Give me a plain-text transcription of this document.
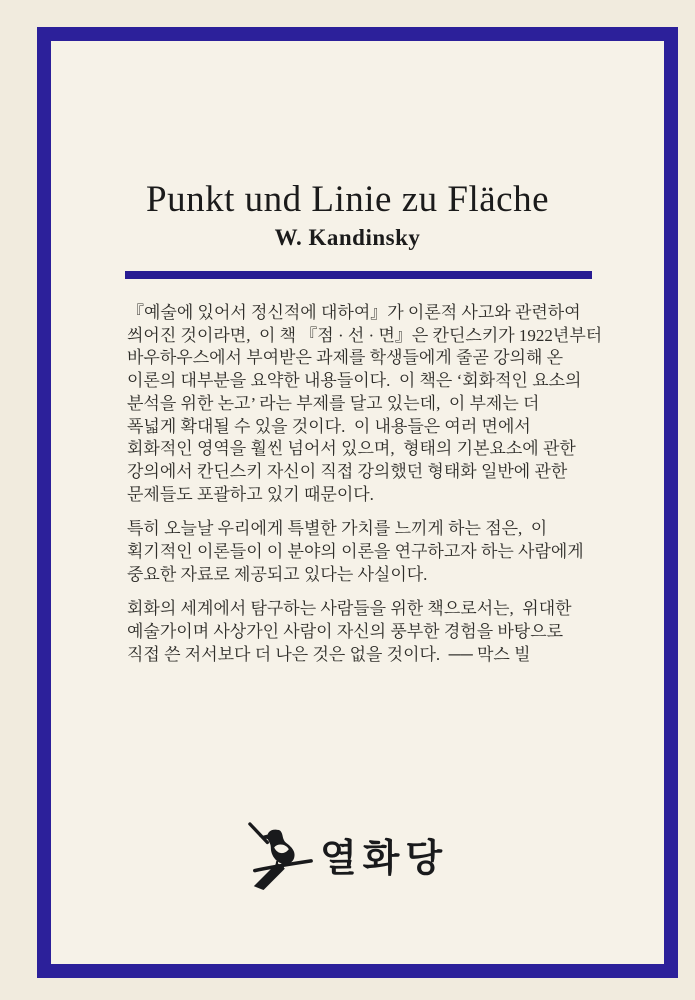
Punkt und Linie zu Fläche
W. Kandinsky
『예술에 있어서 정신적에 대하여』가 이론적 사고와 관련하여
씌어진 것이라면,  이 책 『점 · 선 · 면』은 칸딘스키가 1922년부터
바우하우스에서 부여받은 과제를 학생들에게 줄곧 강의해 온
이론의 대부분을 요약한 내용들이다.  이 책은 ‘회화적인 요소의
분석을 위한 논고’ 라는 부제를 달고 있는데,  이 부제는 더
폭넓게 확대될 수 있을 것이다.  이 내용들은 여러 면에서
회화적인 영역을 훨씬 넘어서 있으며,  형태의 기본요소에 관한
강의에서 칸딘스키 자신이 직접 강의했던 형태화 일반에 관한
문제들도 포괄하고 있기 때문이다.
특히 오늘날 우리에게 특별한 가치를 느끼게 하는 점은,  이
획기적인 이론들이 이 분야의 이론을 연구하고자 하는 사람에게
중요한 자료로 제공되고 있다는 사실이다.
회화의 세계에서 탐구하는 사람들을 위한 책으로서는,  위대한
예술가이며 사상가인 사람이 자신의 풍부한 경험을 바탕으로
직접 쓴 저서보다 더 나은 것은 없을 것이다.  ── 막스 빌
열화당
